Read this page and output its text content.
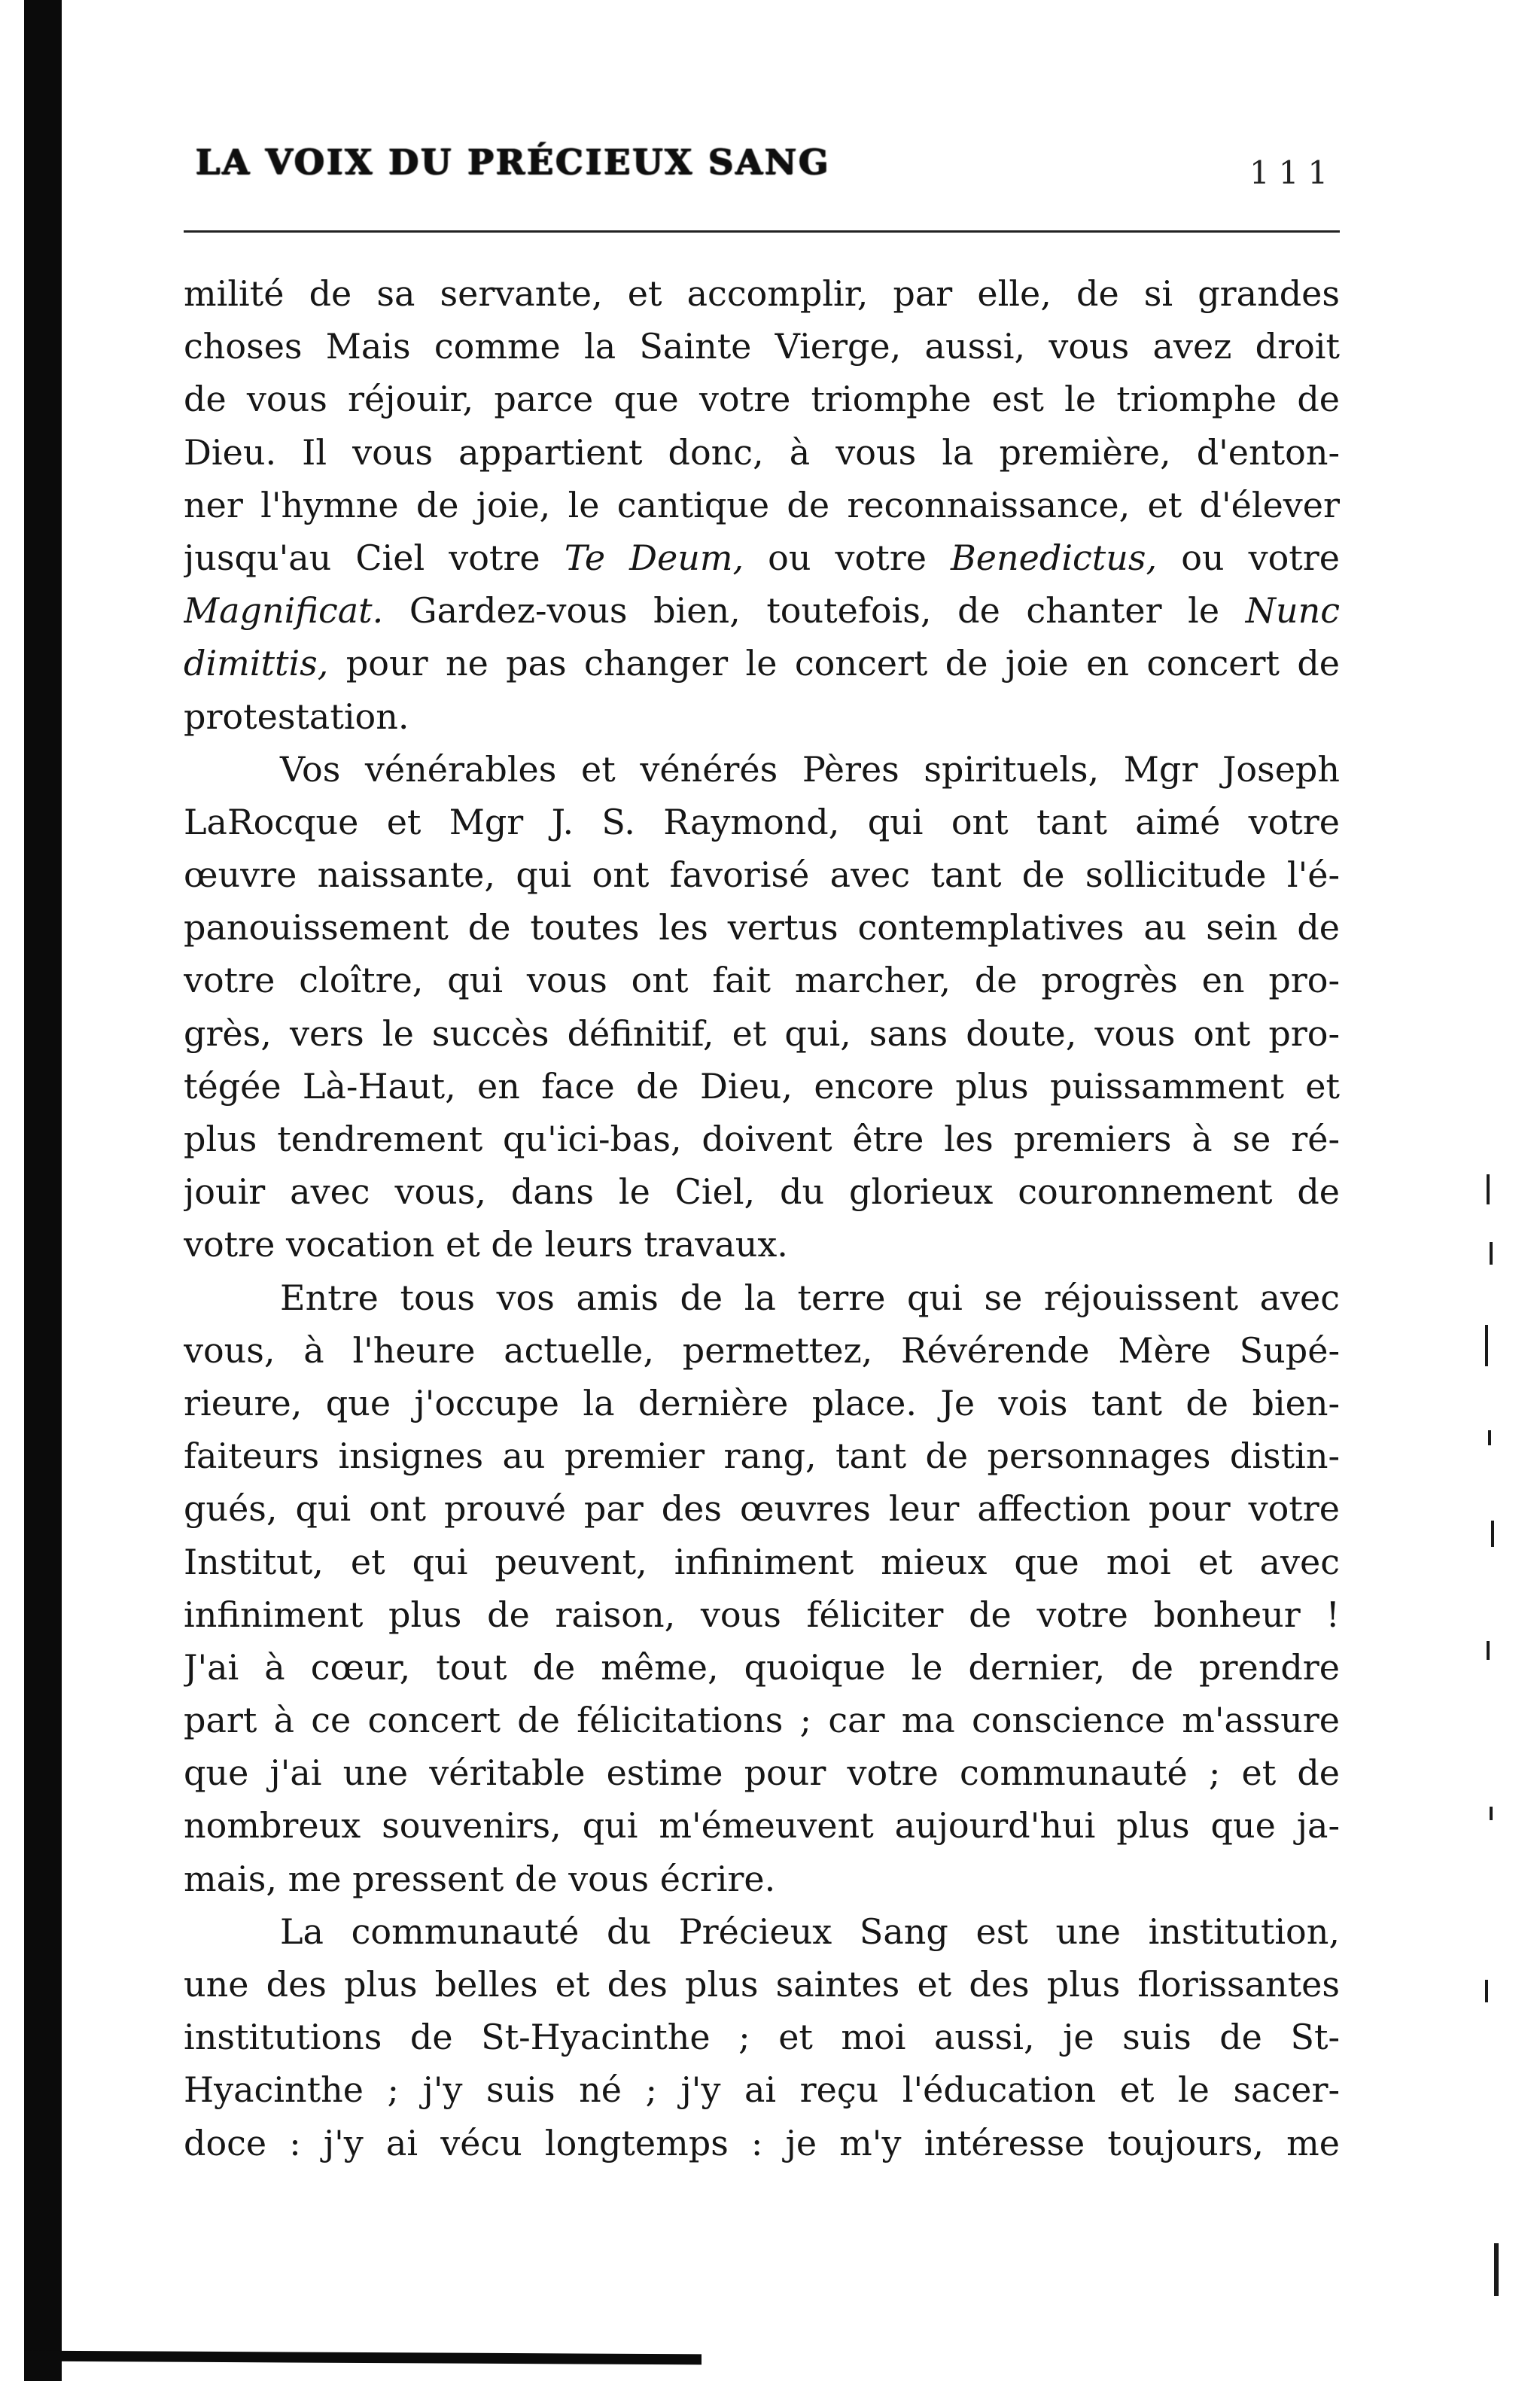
LA VOIX DU PRÉCIEUX SANG	111
milité de sa servante, et accomplir, par elle, de si grandes
choses Mais comme la Sainte Vierge, aussi, vous avez droit
de vous réjouir, parce que votre triomphe est le triomphe de
Dieu. Il vous appartient donc, à vous la première, d'enton-
ner l'hymne de joie, le cantique de reconnaissance, et d'élever
jusqu'au Ciel votre Te Deum, ou votre Benedictus, ou votre
Magnificat. Gardez-vous bien, toutefois, de chanter le Nunc
dimittis, pour ne pas changer le concert de joie en concert de
protestation.
Vos vénérables et vénérés Pères spirituels, Mgr Joseph
LaRocque et Mgr J. S. Raymond, qui ont tant aimé votre
œuvre naissante, qui ont favorisé avec tant de sollicitude l'é-
panouissement de toutes les vertus contemplatives au sein de
votre cloître, qui vous ont fait marcher, de progrès en pro-
grès, vers le succès définitif, et qui, sans doute, vous ont pro-
tégée Là-Haut, en face de Dieu, encore plus puissamment et
plus tendrement qu'ici-bas, doivent être les premiers à se ré-
jouir avec vous, dans le Ciel, du glorieux couronnement de
votre vocation et de leurs travaux.
Entre tous vos amis de la terre qui se réjouissent avec
vous, à l'heure actuelle, permettez, Révérende Mère Supé-
rieure, que j'occupe la dernière place. Je vois tant de bien-
faiteurs insignes au premier rang, tant de personnages distin-
gués, qui ont prouvé par des œuvres leur affection pour votre
Institut, et qui peuvent, infiniment mieux que moi et avec
infiniment plus de raison, vous féliciter de votre bonheur !
J'ai à cœur, tout de même, quoique le dernier, de prendre
part à ce concert de félicitations ; car ma conscience m'assure
que j'ai une véritable estime pour votre communauté ; et de
nombreux souvenirs, qui m'émeuvent aujourd'hui plus que ja-
mais, me pressent de vous écrire.
La communauté du Précieux Sang est une institution,
une des plus belles et des plus saintes et des plus florissantes
institutions de St-Hyacinthe ; et moi aussi, je suis de St-
Hyacinthe ; j'y suis né ; j'y ai reçu l'éducation et le sacer-
doce : j'y ai vécu longtemps : je m'y intéresse toujours, me
